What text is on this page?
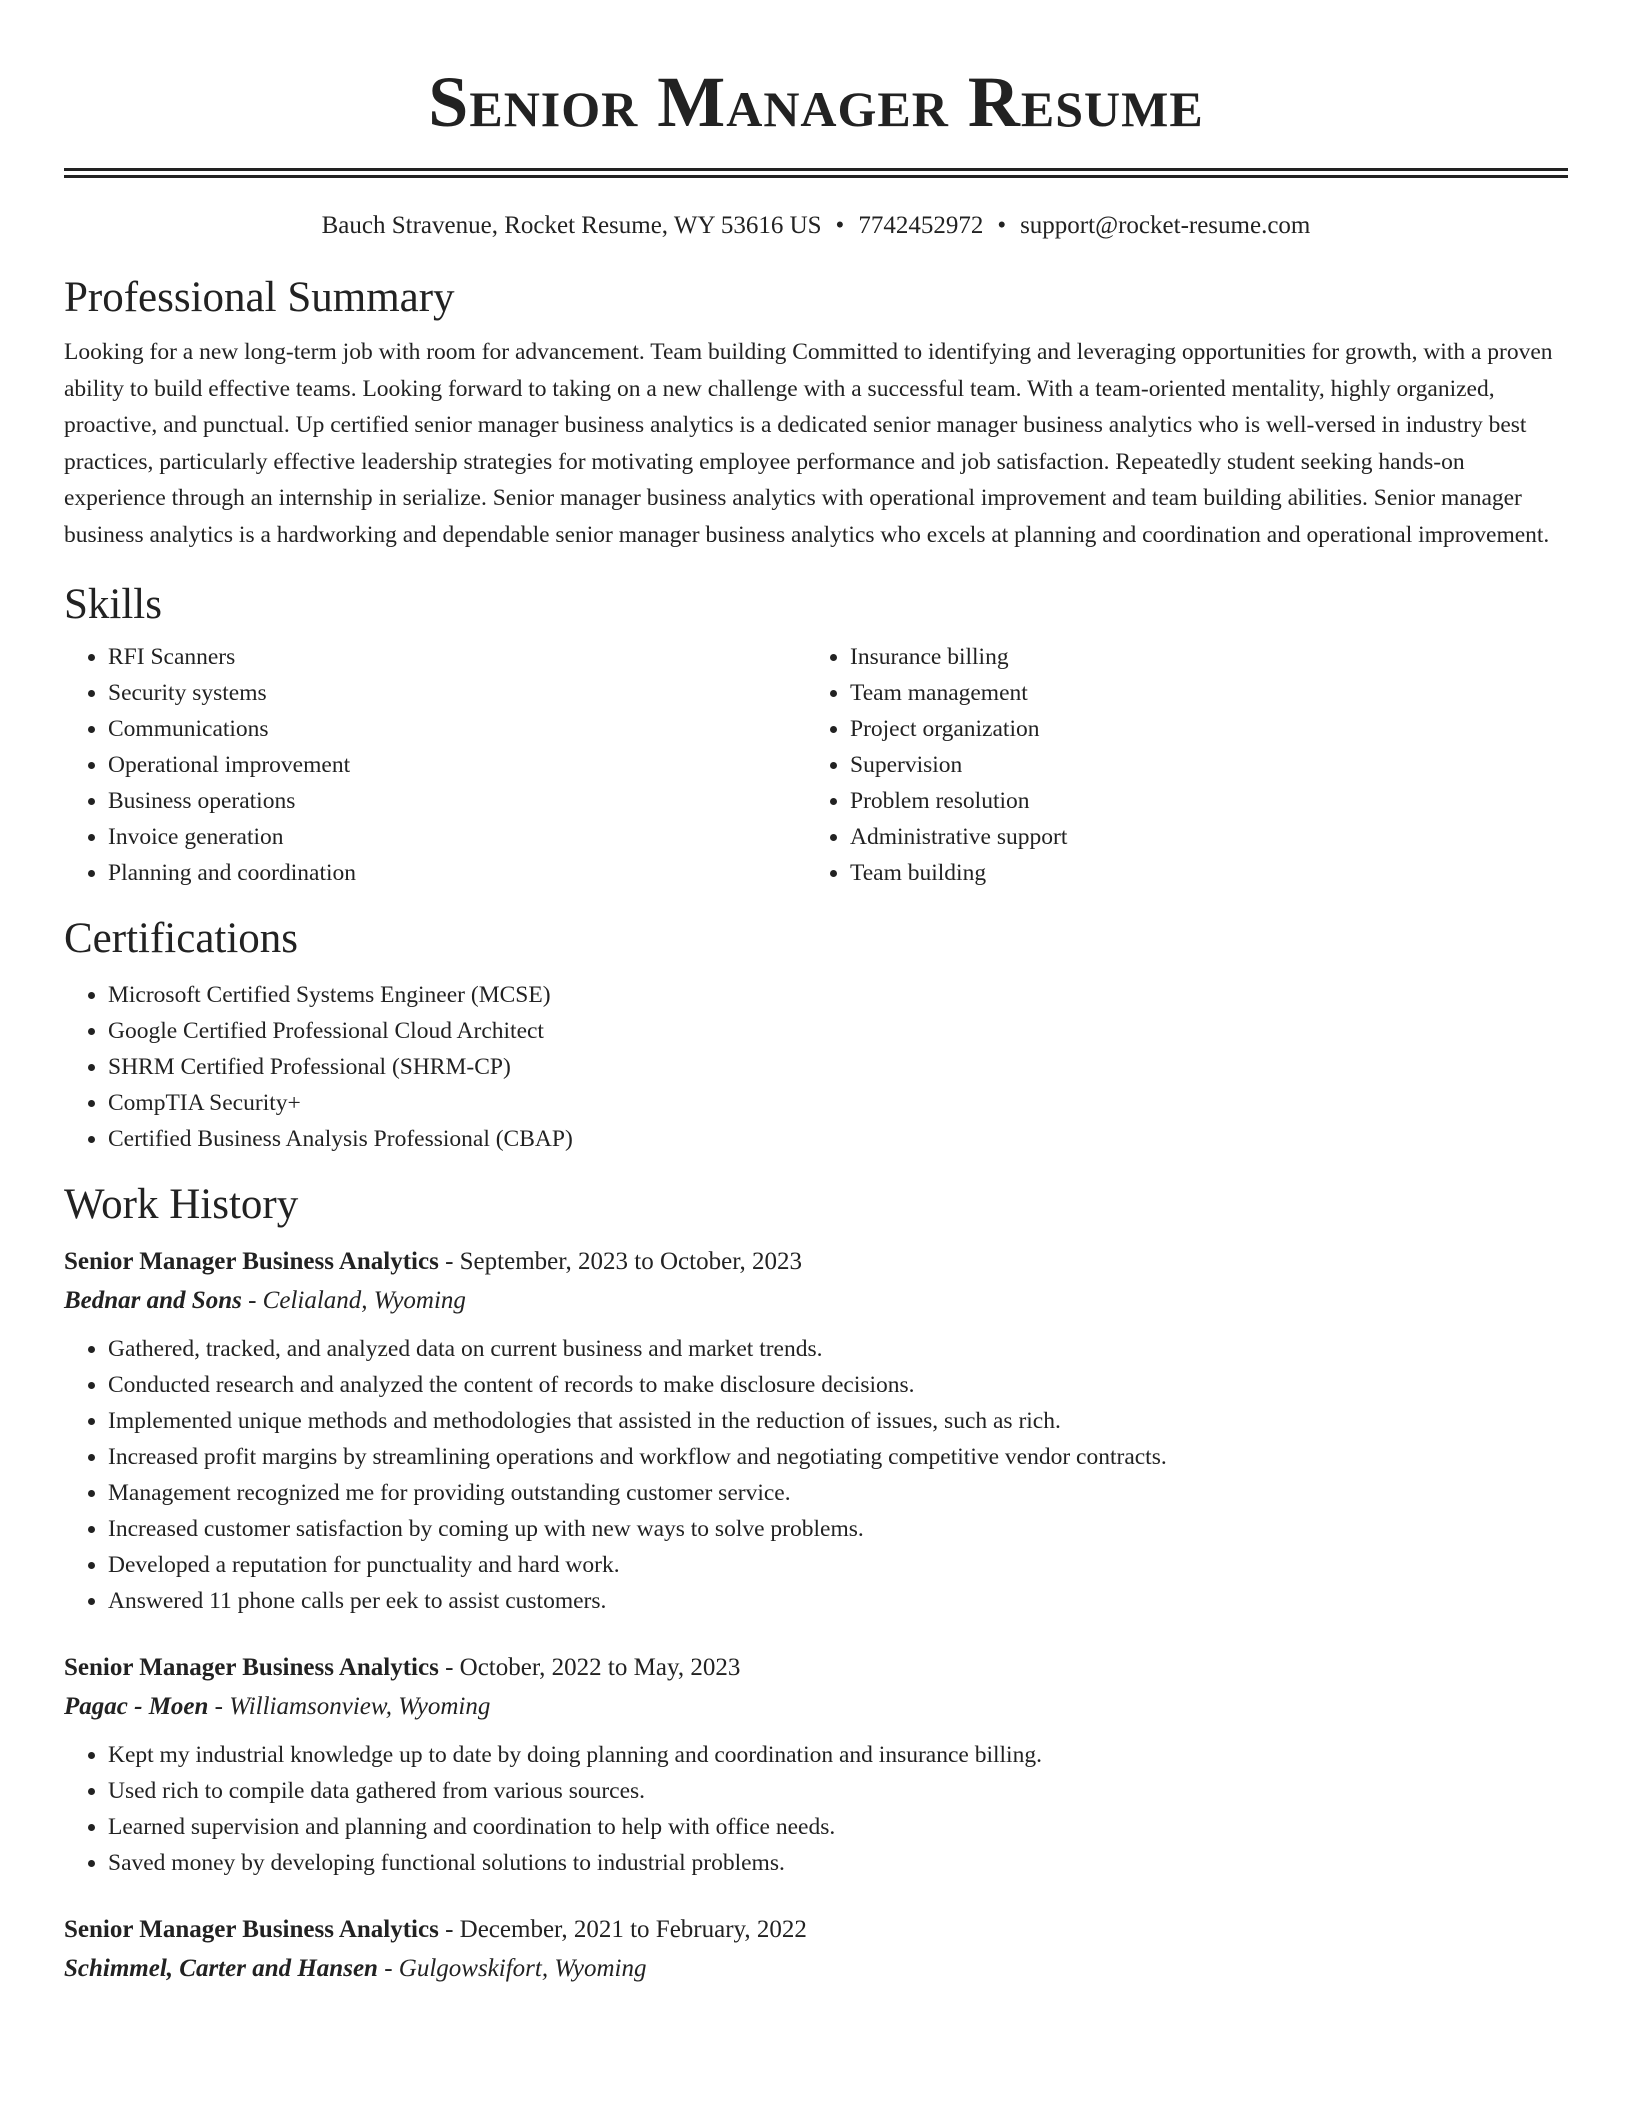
Senior Manager Resume
Bauch Stravenue, Rocket Resume, WY 53616 US • 7742452972 • support@rocket-resume.com
Professional Summary

Looking for a new long-term job with room for advancement. Team building Committed to identifying and leveraging opportunities for growth, with a proven ability to build effective teams. Looking forward to taking on a new challenge with a successful team. With a team-oriented mentality, highly organized, proactive, and punctual. Up certified senior manager business analytics is a dedicated senior manager business analytics who is well-versed in industry best practices, particularly effective leadership strategies for motivating employee performance and job satisfaction. Repeatedly student seeking hands-on experience through an internship in serialize. Senior manager business analytics with operational improvement and team building abilities. Senior manager business analytics is a hardworking and dependable senior manager business analytics who excels at planning and coordination and operational improvement.

Skills
• RFI Scanners
• Security systems
• Communications
• Operational improvement
• Business operations
• Invoice generation
• Planning and coordination
• Insurance billing
• Team management
• Project organization
• Supervision
• Problem resolution
• Administrative support
• Team building
Certifications
• Microsoft Certified Systems Engineer (MCSE)
• Google Certified Professional Cloud Architect
• SHRM Certified Professional (SHRM-CP)
• CompTIA Security+
• Certified Business Analysis Professional (CBAP)
Work History
Senior Manager Business Analytics - September, 2023 to October, 2023
Bednar and Sons - Celialand, Wyoming
• Gathered, tracked, and analyzed data on current business and market trends.
• Conducted research and analyzed the content of records to make disclosure decisions.
• Implemented unique methods and methodologies that assisted in the reduction of issues, such as rich.
• Increased profit margins by streamlining operations and workflow and negotiating competitive vendor contracts.
• Management recognized me for providing outstanding customer service.
• Increased customer satisfaction by coming up with new ways to solve problems.
• Developed a reputation for punctuality and hard work.
• Answered 11 phone calls per eek to assist customers.
Senior Manager Business Analytics - October, 2022 to May, 2023
Pagac - Moen - Williamsonview, Wyoming
• Kept my industrial knowledge up to date by doing planning and coordination and insurance billing.
• Used rich to compile data gathered from various sources.
• Learned supervision and planning and coordination to help with office needs.
• Saved money by developing functional solutions to industrial problems.
Senior Manager Business Analytics - December, 2021 to February, 2022
Schimmel, Carter and Hansen - Gulgowskifort, Wyoming
